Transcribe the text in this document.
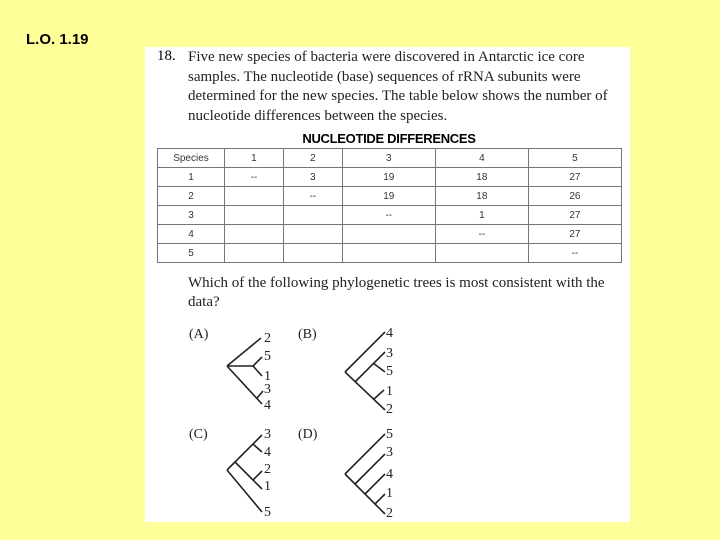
L.O. 1.19
18. Five new species of bacteria were discovered in Antarctic ice core samples. The nucleotide (base) sequences of rRNA subunits were determined for the new species. The table below shows the number of nucleotide differences between the species.
NUCLEOTIDE DIFFERENCES
Species	1	2	3	4	5
1	--	3	19	18	27
2		--	19	18	26
3			--	1	27
4				--	27
5					--
Which of the following phylogenetic trees is most consistent with the data?
(A)	2
5
1
3
4
(B)	4
3
5
1
2
(C)	3
4
2
1
5
(D)	5
3
4
1
2
